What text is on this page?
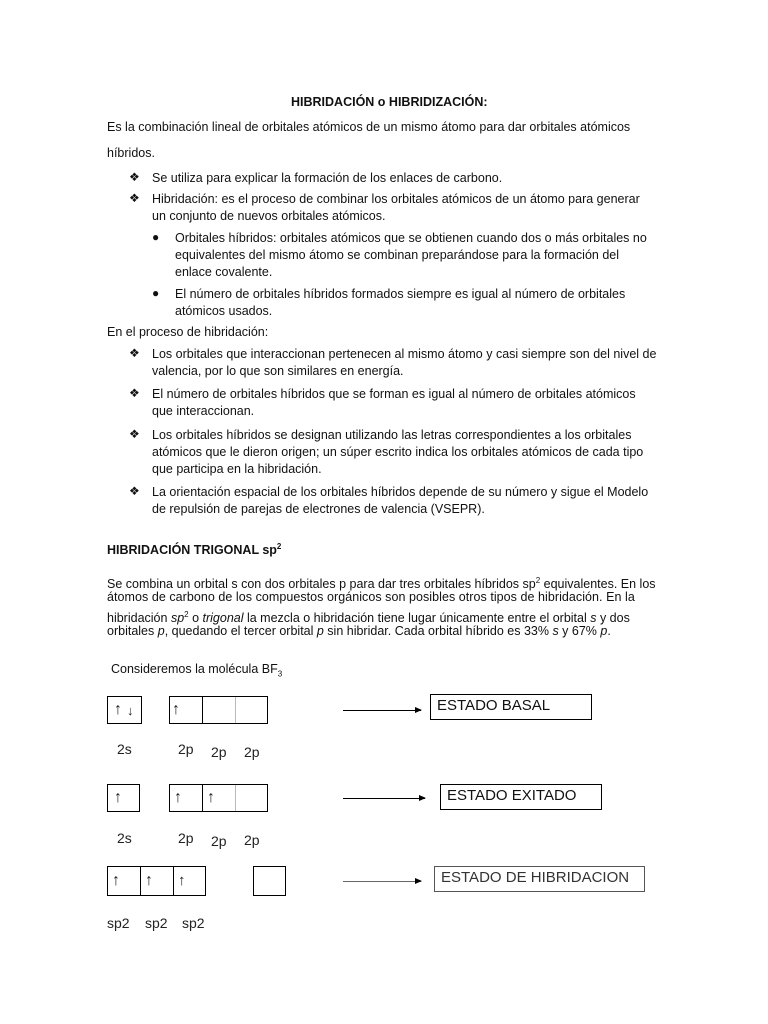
HIBRIDACIÓN o HIBRIDIZACIÓN:
Es la combinación lineal de orbitales atómicos de un mismo átomo para dar orbitales atómicos
híbridos.
❖ Se utiliza para explicar la formación de los enlaces de carbono.
❖ Hibridación: es el proceso de combinar los orbitales atómicos de un átomo para generar
un conjunto de nuevos orbitales atómicos.
● Orbitales híbridos: orbitales atómicos que se obtienen cuando dos o más orbitales no
equivalentes del mismo átomo se combinan preparándose para la formación del
enlace covalente.
● El número de orbitales híbridos formados siempre es igual al número de orbitales
atómicos usados.
En el proceso de hibridación:
❖ Los orbitales que interaccionan pertenecen al mismo átomo y casi siempre son del nivel de
valencia, por lo que son similares en energía.
❖ El número de orbitales híbridos que se forman es igual al número de orbitales atómicos
que interaccionan.
❖ Los orbitales híbridos se designan utilizando las letras correspondientes a los orbitales
atómicos que le dieron origen; un súper escrito indica los orbitales atómicos de cada tipo
que participa en la hibridación.
❖ La orientación espacial de los orbitales híbridos depende de su número y sigue el Modelo
de repulsión de parejas de electrones de valencia (VSEPR).
HIBRIDACIÓN TRIGONAL $sp^2$
Se combina un orbital s con dos orbitales p para dar tres orbitales híbridos $sp^2$ equivalentes. En los
átomos de carbono de los compuestos orgánicos son posibles otros tipos de hibridación. En la
hibridación $sp^2$ o trigonal la mezcla o hibridación tiene lugar únicamente entre el orbital s y dos
orbitales p, quedando el tercer orbital p sin hibridar. Cada orbital híbrido es 33% s y 67% p.
Consideremos la molécula $BF_3$
↑ ↓ ↑	ESTADO BASAL
2s	2p 2p 2p
↑	↑ ↑	ESTADO EXITADO
2s	2p 2p 2p
↑ ↑ ↑	ESTADO DE HIBRIDACION
sp2 sp2 sp2
